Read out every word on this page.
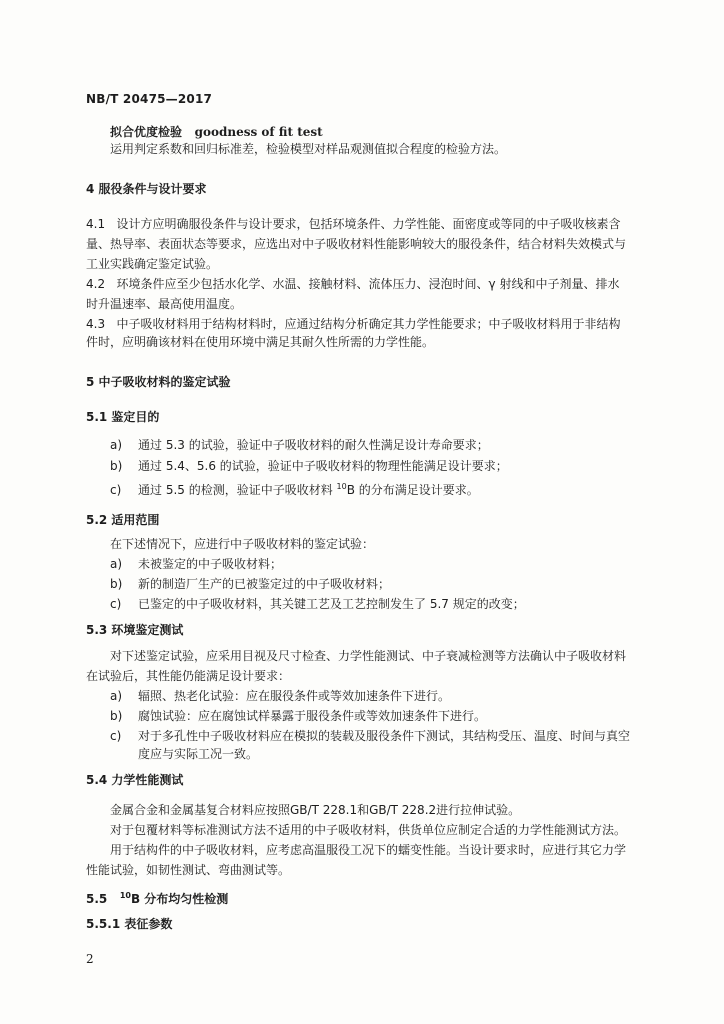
NB/T 20475—2017
拟合优度检验 goodness of fit test
运用判定系数和回归标准差，检验模型对样品观测值拟合程度的检验方法。
4 服役条件与设计要求
4.1 设计方应明确服役条件与设计要求，包括环境条件、力学性能、面密度或等同的中子吸收核素含
量、热导率、表面状态等要求，应选出对中子吸收材料性能影响较大的服役条件，结合材料失效模式与
工业实践确定鉴定试验。
4.2 环境条件应至少包括水化学、水温、接触材料、流体压力、浸泡时间、γ 射线和中子剂量、排水
时升温速率、最高使用温度。
4.3 中子吸收材料用于结构材料时，应通过结构分析确定其力学性能要求；中子吸收材料用于非结构
件时，应明确该材料在使用环境中满足其耐久性所需的力学性能。
5 中子吸收材料的鉴定试验
5.1 鉴定目的
a) 通过 5.3 的试验，验证中子吸收材料的耐久性满足设计寿命要求；
b) 通过 5.4、5.6 的试验，验证中子吸收材料的物理性能满足设计要求；
c) 通过 5.5 的检测，验证中子吸收材料 $^{10}$B 的分布满足设计要求。
5.2 适用范围
在下述情况下，应进行中子吸收材料的鉴定试验：
a) 未被鉴定的中子吸收材料；
b) 新的制造厂生产的已被鉴定过的中子吸收材料；
c) 已鉴定的中子吸收材料，其关键工艺及工艺控制发生了 5.7 规定的改变；
5.3 环境鉴定测试
对下述鉴定试验，应采用目视及尺寸检查、力学性能测试、中子衰减检测等方法确认中子吸收材料
在试验后，其性能仍能满足设计要求：
a) 辐照、热老化试验：应在服役条件或等效加速条件下进行。
b) 腐蚀试验：应在腐蚀试样暴露于服役条件或等效加速条件下进行。
c) 对于多孔性中子吸收材料应在模拟的装载及服役条件下测试，其结构受压、温度、时间与真空
度应与实际工况一致。
5.4 力学性能测试
金属合金和金属基复合材料应按照GB/T 228.1和GB/T 228.2进行拉伸试验。
对于包覆材料等标准测试方法不适用的中子吸收材料，供货单位应制定合适的力学性能测试方法。
用于结构件的中子吸收材料，应考虑高温服役工况下的蠕变性能。当设计要求时，应进行其它力学
性能试验，如韧性测试、弯曲测试等。
5.5 $^{10}$B 分布均匀性检测
5.5.1 表征参数
2
